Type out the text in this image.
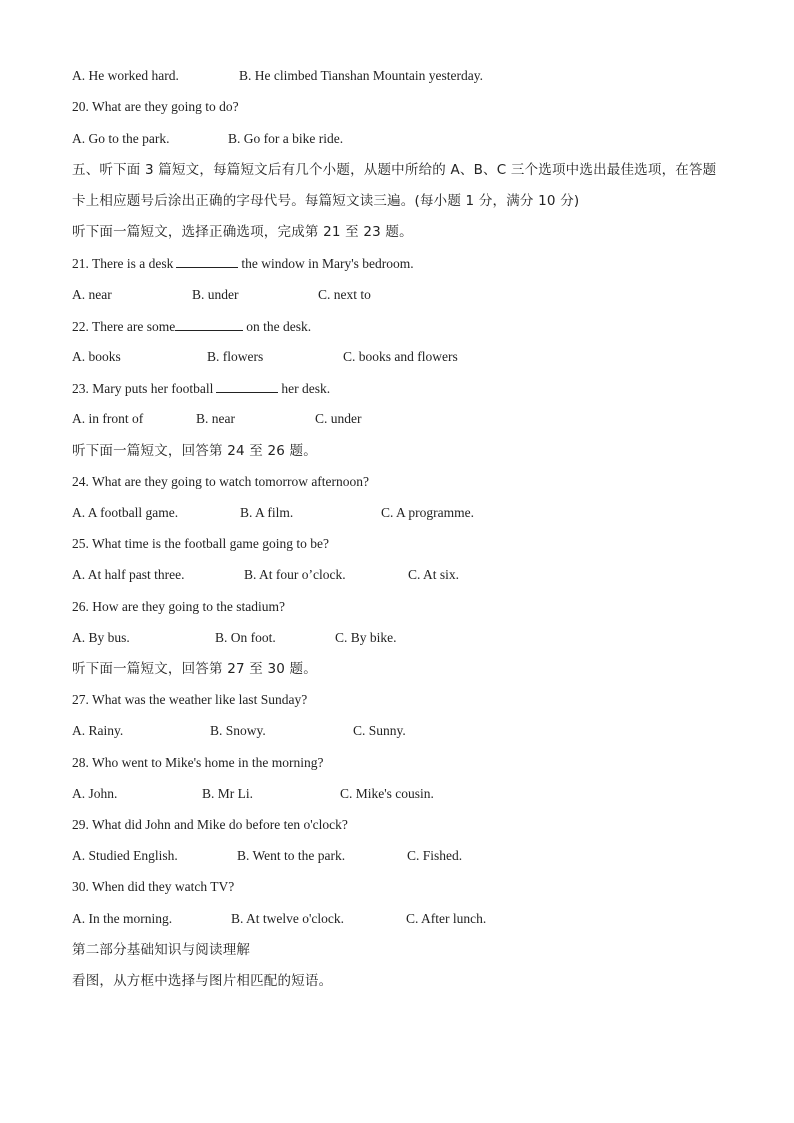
A. He worked hard.	B. He climbed Tianshan Mountain yesterday.
20. What are they going to do?
A. Go to the park.	B. Go for a bike ride.
五、听下面 3 篇短文，每篇短文后有几个小题，从题中所给的 A、B、C 三个选项中选出最佳选项，在答题卡上相应题号后涂出正确的字母代号。每篇短文读三遍。(每小题 1 分，满分 10 分)
听下面一篇短文，选择正确选项，完成第 21 至 23 题。
21. There is a desk	the window in Mary's bedroom.
A. near	B. under	C. next to
22. There are some	on the desk.
A. books	B. flowers	C. books and flowers
23. Mary puts her football	her desk.
A. in front of	B. near	C. under
听下面一篇短文，回答第 24 至 26 题。
24. What are they going to watch tomorrow afternoon?
A. A football game.	B. A film.	C. A programme.
25. What time is the football game going to be?
A. At half past three.	B. At four o’clock.	C. At six.
26. How are they going to the stadium?
A. By bus.	B. On foot.	C. By bike.
听下面一篇短文，回答第 27 至 30 题。
27. What was the weather like last Sunday?
A. Rainy.	B. Snowy.	C. Sunny.
28. Who went to Mike's home in the morning?
A. John.	B. Mr Li.	C. Mike's cousin.
29. What did John and Mike do before ten o'clock?
A. Studied English.	B. Went to the park.	C. Fished.
30. When did they watch TV?
A. In the morning.	B. At twelve o'clock.	C. After lunch.
第二部分基础知识与阅读理解
看图，从方框中选择与图片相匹配的短语。
